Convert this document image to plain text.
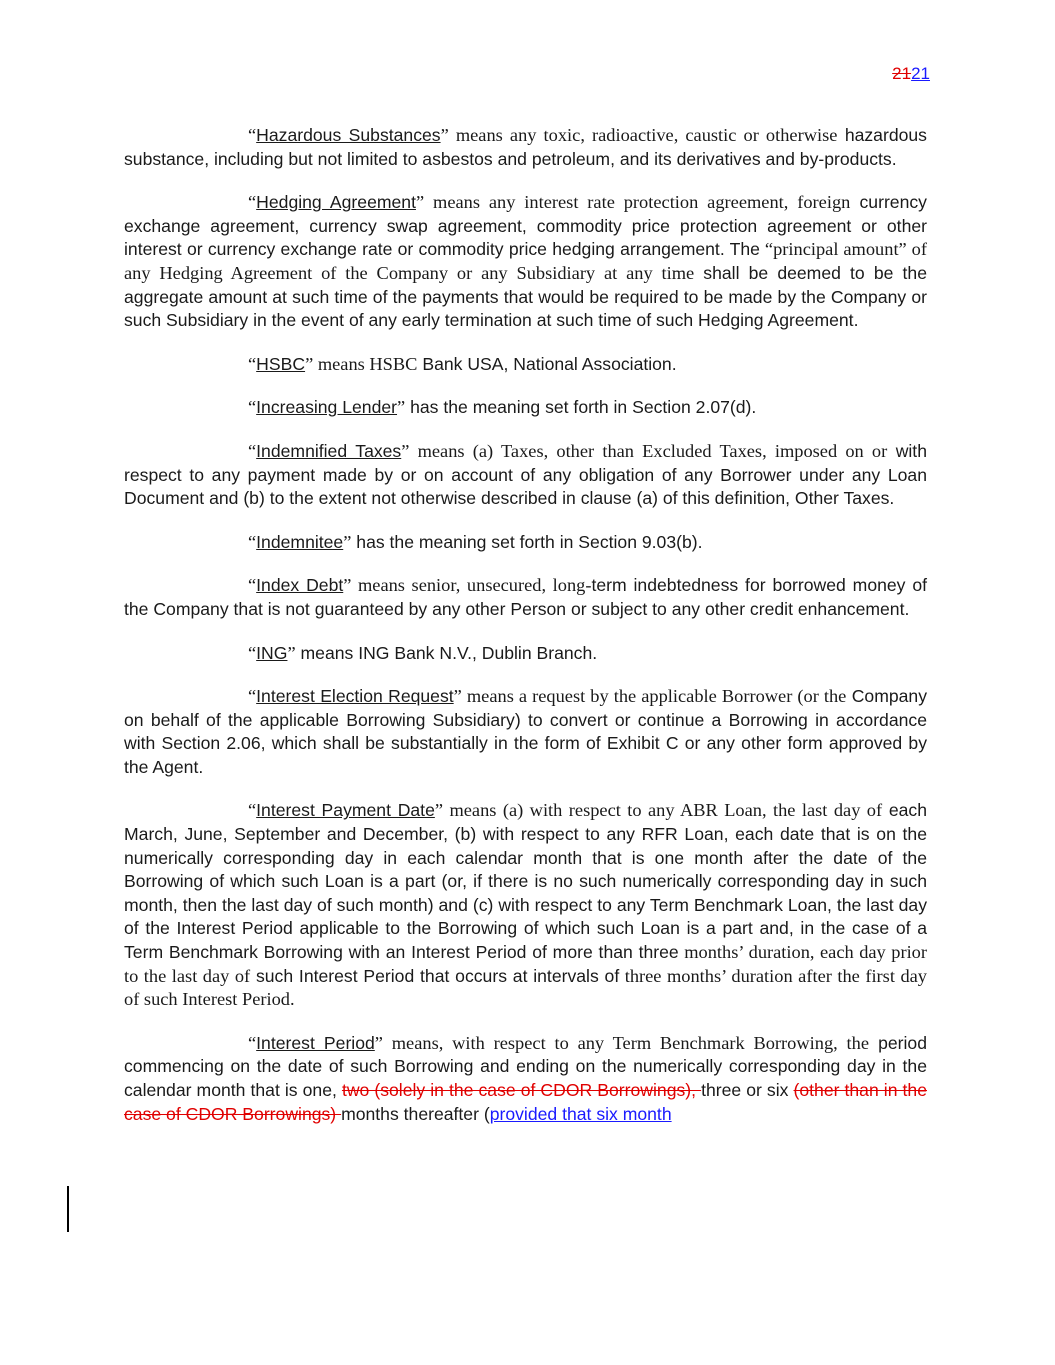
2121

“Hazardous Substances” means any toxic, radioactive, caustic or otherwise hazardous substance, including but not limited to asbestos and petroleum, and its derivatives and by-products.

“Hedging Agreement” means any interest rate protection agreement, foreign currency exchange agreement, currency swap agreement, commodity price protection agreement or other interest or currency exchange rate or commodity price hedging arrangement. The “principal amount” of any Hedging Agreement of the Company or any Subsidiary at any time shall be deemed to be the aggregate amount at such time of the payments that would be required to be made by the Company or such Subsidiary in the event of any early termination at such time of such Hedging Agreement.

“HSBC” means HSBC Bank USA, National Association.

“Increasing Lender” has the meaning set forth in Section 2.07(d).

“Indemnified Taxes” means (a) Taxes, other than Excluded Taxes, imposed on or with respect to any payment made by or on account of any obligation of any Borrower under any Loan Document and (b) to the extent not otherwise described in clause (a) of this definition, Other Taxes.

“Indemnitee” has the meaning set forth in Section 9.03(b).

“Index Debt” means senior, unsecured, long-term indebtedness for borrowed money of the Company that is not guaranteed by any other Person or subject to any other credit enhancement.

“ING” means ING Bank N.V., Dublin Branch.

“Interest Election Request” means a request by the applicable Borrower (or the Company on behalf of the applicable Borrowing Subsidiary) to convert or continue a Borrowing in accordance with Section 2.06, which shall be substantially in the form of Exhibit C or any other form approved by the Agent.

“Interest Payment Date” means (a) with respect to any ABR Loan, the last day of each March, June, September and December, (b) with respect to any RFR Loan, each date that is on the numerically corresponding day in each calendar month that is one month after the date of the Borrowing of which such Loan is a part (or, if there is no such numerically corresponding day in such month, then the last day of such month) and (c) with respect to any Term Benchmark Loan, the last day of the Interest Period applicable to the Borrowing of which such Loan is a part and, in the case of a Term Benchmark Borrowing with an Interest Period of more than three months’ duration, each day prior to the last day of such Interest Period that occurs at intervals of three months’ duration after the first day of such Interest Period.

“Interest Period” means, with respect to any Term Benchmark Borrowing, the period commencing on the date of such Borrowing and ending on the numerically corresponding day in the calendar month that is one, two (solely in the case of CDOR Borrowings), three or six (other than in the case of CDOR Borrowings) months thereafter (provided that six month
